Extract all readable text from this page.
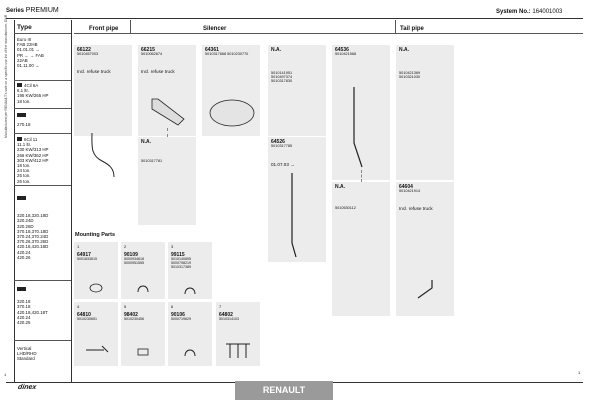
Series PREMIUM	System No.: 164001003
Manufactured per RENAULT's sale on a specific use list of the manufacturer. DNR Type
Euro III
FAB 22HB
01.01.01 →
PR ← → FAB
22AB
01.11.00 →
4Cil 6A
6.1 ltr.
195 KW/265 HP
18 ton.
270.18
6Cil 11
11.1 ltr.
230 KW/313 HP
266 KW/362 HP
303 KW/412 HP
18 ton.
24 ton.
25 ton.
26 ton.
320.18,320.18D
320.24D
320.26D
370.18,370.18D
370.24,370.24D
370.26,370.26D
420.18,420.18D
420.24
420.26
320.18
370.18
420.18,420.18T
420.24
420.25
Vertical
LHD/RHD
Standard
Front pipe	Silencer	Tail pipe
66122
5010457003
Incl. refuse truck
66215
5010062674
Incl. refuse truck
64361
5010317668 5010230770
N.A.
5010141951
5010497374
5010317830
64536
5010421568
N.A.
5010421369
5010321030
N.A.
5010317781
64526
5010317785
01.07.03 →
N.A.
5010530112
64604
5010421914
Incl. refuse truck
Mounting Parts
1
64917
5001833615
2
90109
5000934618
5000951555
3
99115
5010140895
5000798219
5010317389
4
64810
5010230651
5
98402
5010230456
6
90106
5000719629
7
64802
5010314103
1	1
dinex	RENAULT
